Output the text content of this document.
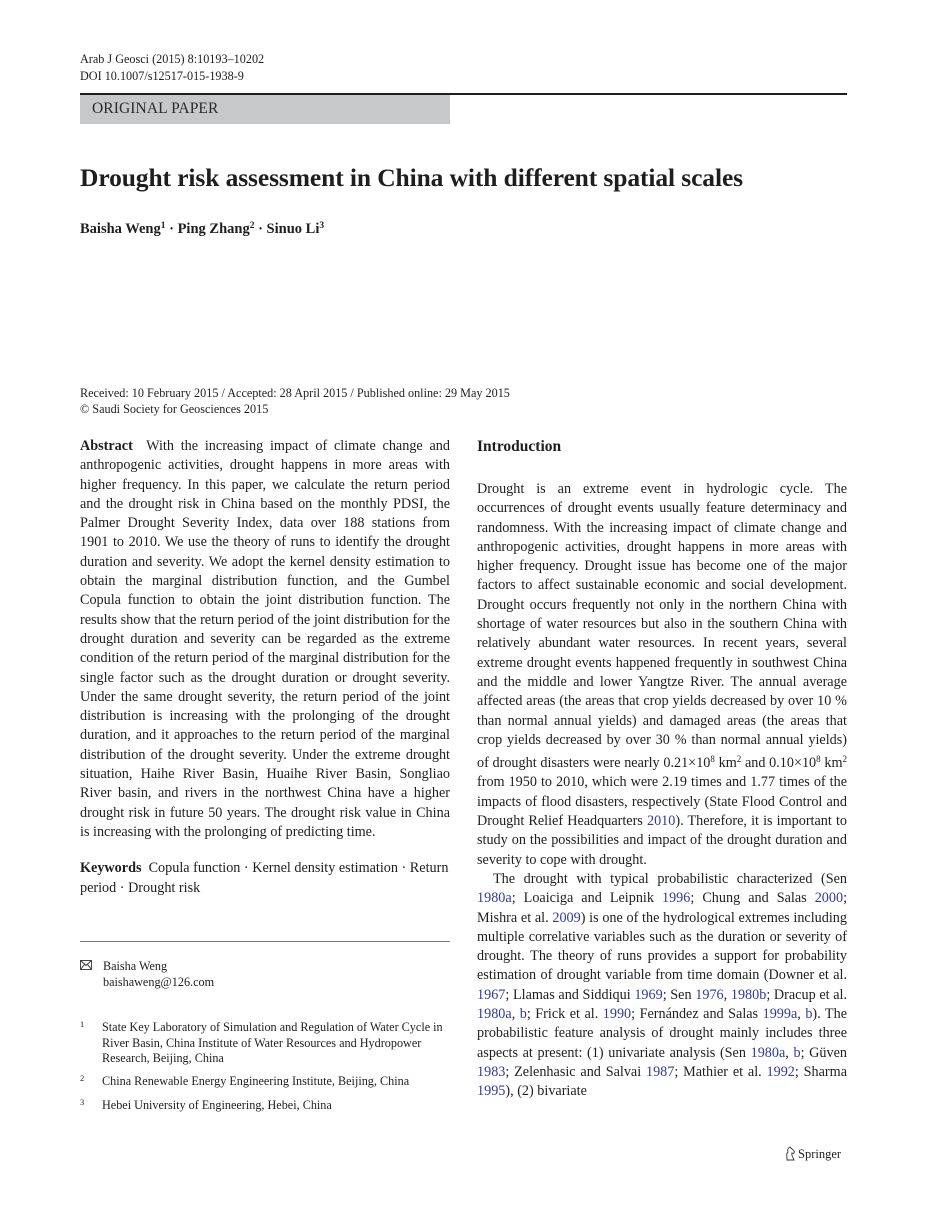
Arab J Geosci (2015) 8:10193–10202
DOI 10.1007/s12517-015-1938-9
ORIGINAL PAPER
Drought risk assessment in China with different spatial scales
Baisha Weng$^1$ · Ping Zhang$^2$ · Sinuo Li$^3$
Received: 10 February 2015 / Accepted: 28 April 2015 / Published online: 29 May 2015
© Saudi Society for Geosciences 2015

Abstract With the increasing impact of climate change and anthropogenic activities, drought happens in more areas with higher frequency. In this paper, we calculate the return period and the drought risk in China based on the monthly PDSI, the Palmer Drought Severity Index, data over 188 stations from 1901 to 2010. We use the theory of runs to identify the drought duration and severity. We adopt the kernel density estimation to obtain the marginal distribution function, and the Gumbel Copula function to obtain the joint distribution function. The results show that the return period of the joint distribution for the drought duration and severity can be regarded as the extreme condition of the return period of the marginal distribution for the single factor such as the drought duration or drought severity. Under the same drought severity, the return period of the joint distribution is increasing with the prolonging of the drought duration, and it approaches to the return period of the marginal distribution of the drought severity. Under the extreme drought situation, Haihe River Basin, Huaihe River Basin, Songliao River basin, and rivers in the northwest China have a higher drought risk in future 50 years. The drought risk value in China is increasing with the prolonging of predicting time.

Keywords Copula function · Kernel density estimation · Return period · Drought risk

Baisha Weng
baishaweng@126.com
1 State Key Laboratory of Simulation and Regulation of Water Cycle in River Basin, China Institute of Water Resources and Hydropower Research, Beijing, China
2 China Renewable Energy Engineering Institute, Beijing, China
3 Hebei University of Engineering, Hebei, China
Introduction

Drought is an extreme event in hydrologic cycle. The occurrences of drought events usually feature determinacy and randomness. With the increasing impact of climate change and anthropogenic activities, drought happens in more areas with higher frequency. Drought issue has become one of the major factors to affect sustainable economic and social development. Drought occurs frequently not only in the northern China with shortage of water resources but also in the southern China with relatively abundant water resources. In recent years, several extreme drought events happened frequently in southwest China and the middle and lower Yangtze River. The annual average affected areas (the areas that crop yields decreased by over 10 % than normal annual yields) and damaged areas (the areas that crop yields decreased by over 30 % than normal annual yields) of drought disasters were nearly $0.21\times 10^8$ $km^2$ and $0.10\times 10^8$ $km^2$ from 1950 to 2010, which were 2.19 times and 1.77 times of the impacts of flood disasters, respectively (State Flood Control and Drought Relief Headquarters 2010). Therefore, it is important to study on the possibilities and impact of the drought duration and severity to cope with drought.

The drought with typical probabilistic characterized (Sen 1980a; Loaiciga and Leipnik 1996; Chung and Salas 2000; Mishra et al. 2009) is one of the hydrological extremes including multiple correlative variables such as the duration or severity of drought. The theory of runs provides a support for probability estimation of drought variable from time domain (Downer et al. 1967; Llamas and Siddiqui 1969; Sen 1976, 1980b; Dracup et al. 1980a, b; Frick et al. 1990; Fernández and Salas 1999a, b). The probabilistic feature analysis of drought mainly includes three aspects at present: (1) univariate analysis (Sen 1980a, b; Güven 1983; Zelenhasic and Salvai 1987; Mathier et al. 1992; Sharma 1995), (2) bivariate

Springer
